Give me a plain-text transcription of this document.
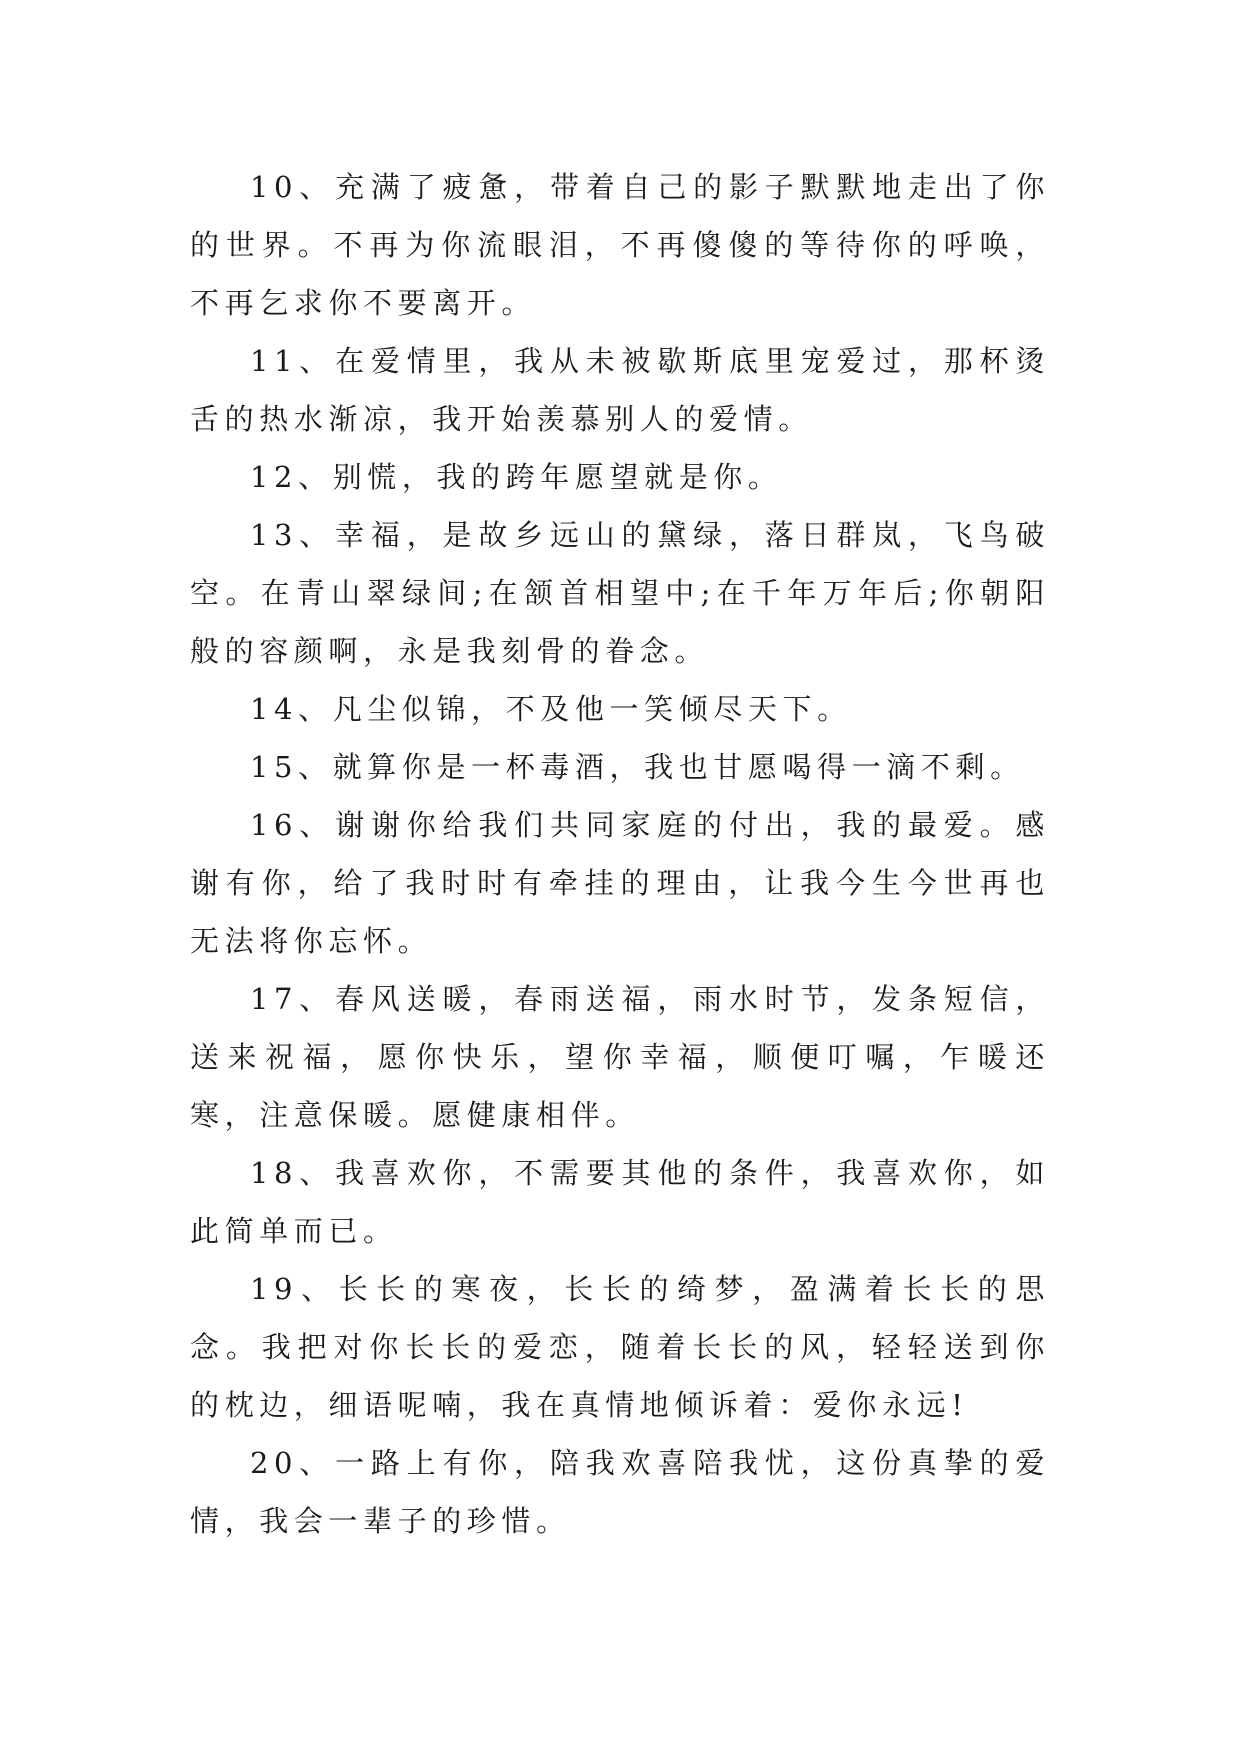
10、充满了疲惫，带着自己的影子默默地走出了你的世界。不再为你流眼泪，不再傻傻的等待你的呼唤，不再乞求你不要离开。

11、在爱情里，我从未被歇斯底里宠爱过，那杯烫舌的热水渐凉，我开始羡慕别人的爱情。

12、别慌，我的跨年愿望就是你。

13、幸福，是故乡远山的黛绿，落日群岚，飞鸟破空。在青山翠绿间;在颔首相望中;在千年万年后;你朝阳般的容颜啊，永是我刻骨的眷念。

14、凡尘似锦，不及他一笑倾尽天下。

15、就算你是一杯毒酒，我也甘愿喝得一滴不剩。

16、谢谢你给我们共同家庭的付出，我的最爱。感谢有你，给了我时时有牵挂的理由，让我今生今世再也无法将你忘怀。

17、春风送暖，春雨送福，雨水时节，发条短信，送来祝福，愿你快乐，望你幸福，顺便叮嘱，乍暖还寒，注意保暖。愿健康相伴。

18、我喜欢你，不需要其他的条件，我喜欢你，如此简单而已。

19、长长的寒夜，长长的绮梦，盈满着长长的思念。我把对你长长的爱恋，随着长长的风，轻轻送到你的枕边，细语呢喃，我在真情地倾诉着：爱你永远!

20、一路上有你，陪我欢喜陪我忧，这份真挚的爱情，我会一辈子的珍惜。
